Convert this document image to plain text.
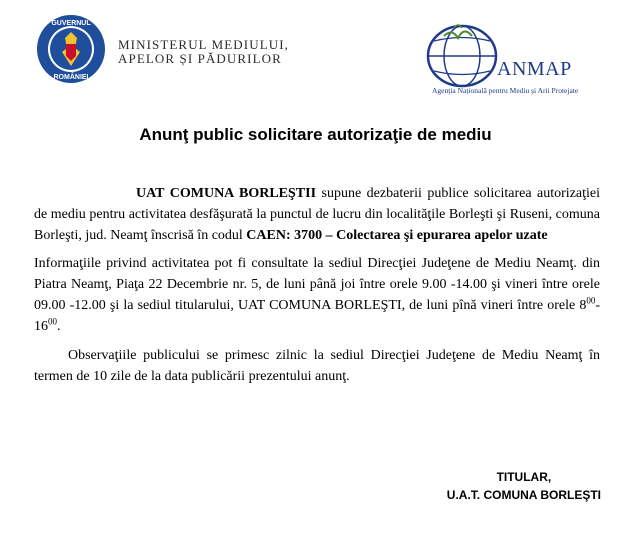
GUVERNUL
ROMÂNIEI
MINISTERUL MEDIULUI,
APELOR ȘI PĂDURILOR	ANMAP
Agenția Națională pentru Mediu și Arii Protejate
Anunţ public solicitare autorizaţie de mediu

UAT COMUNA BORLEŞTII supune dezbaterii publice solicitarea autorizaţiei de mediu pentru activitatea desfăşurată la punctul de lucru din localităţile Borleşti şi Ruseni, comuna Borleşti, jud. Neamţ înscrisă în codul CAEN: 3700 – Colectarea şi epurarea apelor uzate

Informaţiile privind activitatea pot fi consultate la sediul Direcţiei Judeţene de Mediu Neamţ. din Piatra Neamţ, Piaţa 22 Decembrie nr. 5, de luni până joi între orele 9.00 -14.00 şi vineri între orele 09.00 -12.00 şi la sediul titularului, UAT COMUNA BORLEŞTI, de luni pînă vineri între orele $8^{00}-16^{00}$.

Observaţiile publicului se primesc zilnic la sediul Direcţiei Judeţene de Mediu Neamţ în termen de 10 zile de la data publicării prezentului anunţ.

TITULAR,
U.A.T. COMUNA BORLEŞTI
